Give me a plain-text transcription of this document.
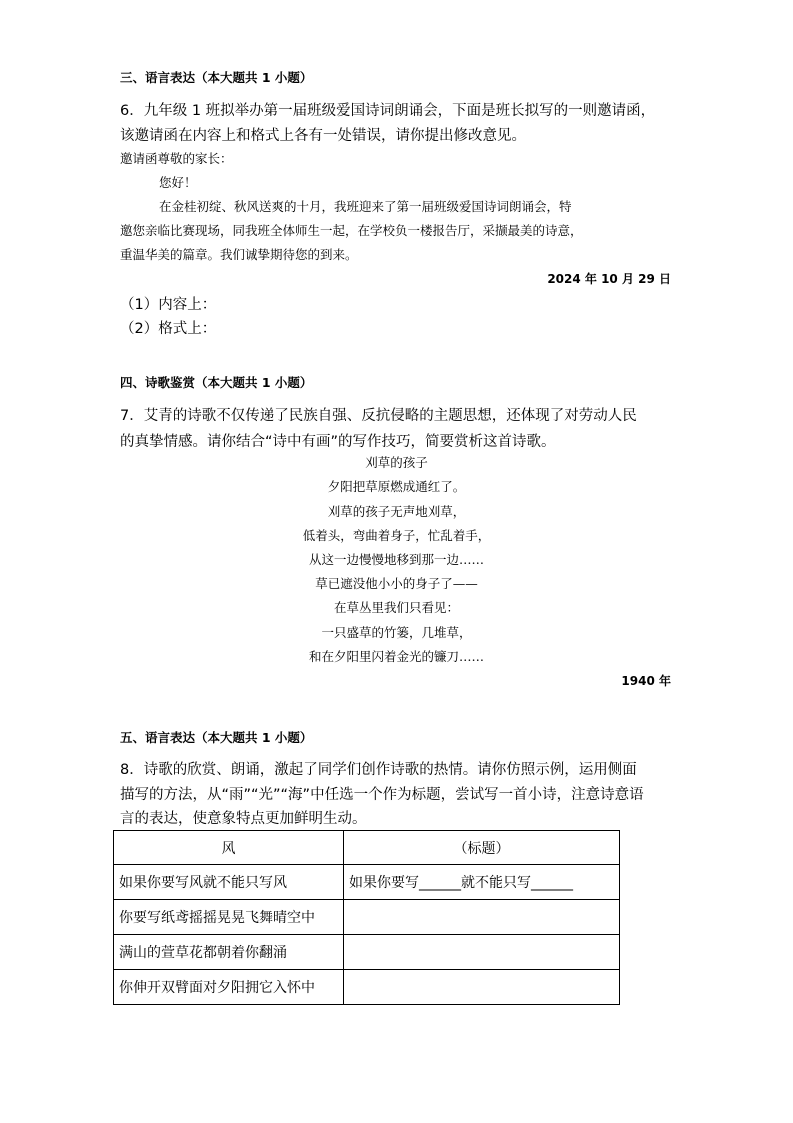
三、语言表达（本大题共 1 小题）
6．九年级 1 班拟举办第一届班级爱国诗词朗诵会，下面是班长拟写的一则邀请函，
该邀请函在内容上和格式上各有一处错误，请你提出修改意见。
邀请函尊敬的家长：
您好！
在金桂初绽、秋风送爽的十月，我班迎来了第一届班级爱国诗词朗诵会，特
邀您亲临比赛现场，同我班全体师生一起，在学校负一楼报告厅，采撷最美的诗意，
重温华美的篇章。我们诚挚期待您的到来。
2024 年 10 月 29 日
（1）内容上：
（2）格式上：
四、诗歌鉴赏（本大题共 1 小题）
7．艾青的诗歌不仅传递了民族自强、反抗侵略的主题思想，还体现了对劳动人民
的真挚情感。请你结合“诗中有画”的写作技巧，简要赏析这首诗歌。
刈草的孩子
夕阳把草原燃成通红了。
刈草的孩子无声地刈草，
低着头，弯曲着身子，忙乱着手，
从这一边慢慢地移到那一边……
草已遮没他小小的身子了——
在草丛里我们只看见：
一只盛草的竹篓，几堆草，
和在夕阳里闪着金光的镰刀……
1940 年
五、语言表达（本大题共 1 小题）
8．诗歌的欣赏、朗诵，激起了同学们创作诗歌的热情。请你仿照示例，运用侧面
描写的方法，从“雨”“光”“海”中任选一个作为标题，尝试写一首小诗，注意诗意语
言的表达，使意象特点更加鲜明生动。
风	（标题）
如果你要写风就不能只写风	如果你要写______就不能只写______
你要写纸鸢摇摇晃晃飞舞晴空中	
满山的萱草花都朝着你翻涌	
你伸开双臂面对夕阳拥它入怀中	
